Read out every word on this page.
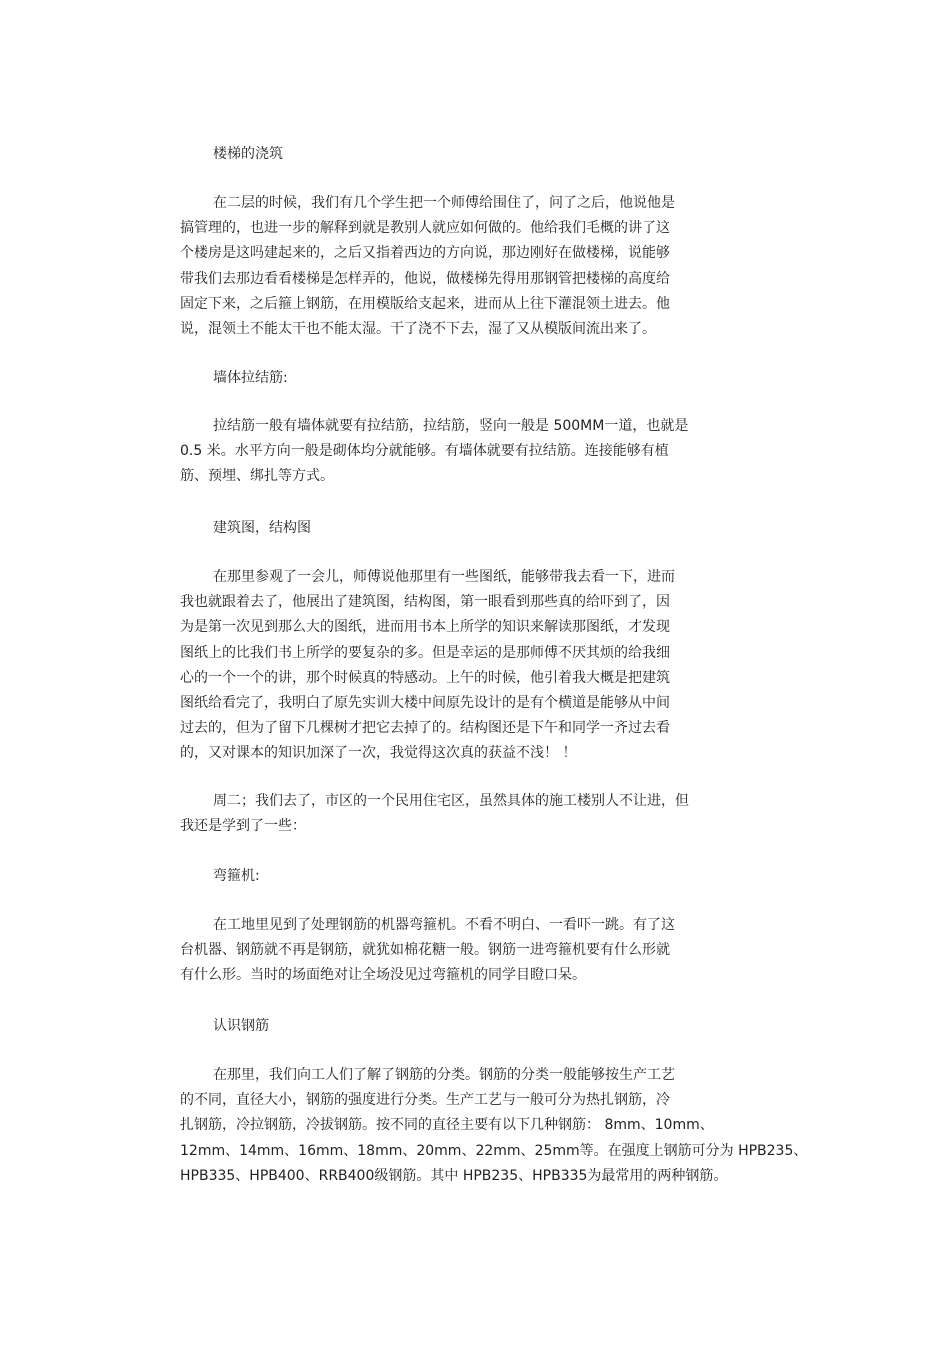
楼梯的浇筑

在二层的时候，我们有几个学生把一个师傅给围住了，问了之后，他说他是
搞管理的，也进一步的解释到就是教别人就应如何做的。他给我们毛概的讲了这
个楼房是这吗建起来的，之后又指着西边的方向说，那边刚好在做楼梯，说能够
带我们去那边看看楼梯是怎样弄的，他说，做楼梯先得用那钢管把楼梯的高度给
固定下来，之后箍上钢筋，在用模版给支起来，进而从上往下灌混领土进去。他
说，混领土不能太干也不能太湿。干了浇不下去，湿了又从模版间流出来了。

墙体拉结筋:

拉结筋一般有墙体就要有拉结筋，拉结筋，竖向一般是 500MM一道，也就是
0.5 米。水平方向一般是砌体均分就能够。有墙体就要有拉结筋。连接能够有植
筋、预埋、绑扎等方式。

建筑图，结构图

在那里参观了一会儿，师傅说他那里有一些图纸，能够带我去看一下，进而
我也就跟着去了，他展出了建筑图，结构图，第一眼看到那些真的给吓到了，因
为是第一次见到那么大的图纸，进而用书本上所学的知识来解读那图纸，才发现
图纸上的比我们书上所学的要复杂的多。但是幸运的是那师傅不厌其烦的给我细
心的一个一个的讲，那个时候真的特感动。上午的时候，他引着我大概是把建筑
图纸给看完了，我明白了原先实训大楼中间原先设计的是有个横道是能够从中间
过去的，但为了留下几棵树才把它去掉了的。结构图还是下午和同学一齐过去看
的，又对课本的知识加深了一次，我觉得这次真的获益不浅！ ！
周二；我们去了，市区的一个民用住宅区，虽然具体的施工楼别人不让进，但
我还是学到了一些：

弯箍机:

在工地里见到了处理钢筋的机器弯箍机。不看不明白、一看吓一跳。有了这
台机器、钢筋就不再是钢筋，就犹如棉花糖一般。钢筋一进弯箍机要有什么形就
有什么形。当时的场面绝对让全场没见过弯箍机的同学目瞪口呆。

认识钢筋

在那里，我们向工人们了解了钢筋的分类。钢筋的分类一般能够按生产工艺
的不同，直径大小，钢筋的强度进行分类。生产工艺与一般可分为热扎钢筋，冷
扎钢筋，冷拉钢筋，冷拔钢筋。按不同的直径主要有以下几种钢筋： 8mm、10mm、
12mm、14mm、16mm、18mm、20mm、22mm、25mm等。在强度上钢筋可分为 HPB235、
HPB335、HPB400、RRB400级钢筋。其中 HPB235、HPB335为最常用的两种钢筋。
